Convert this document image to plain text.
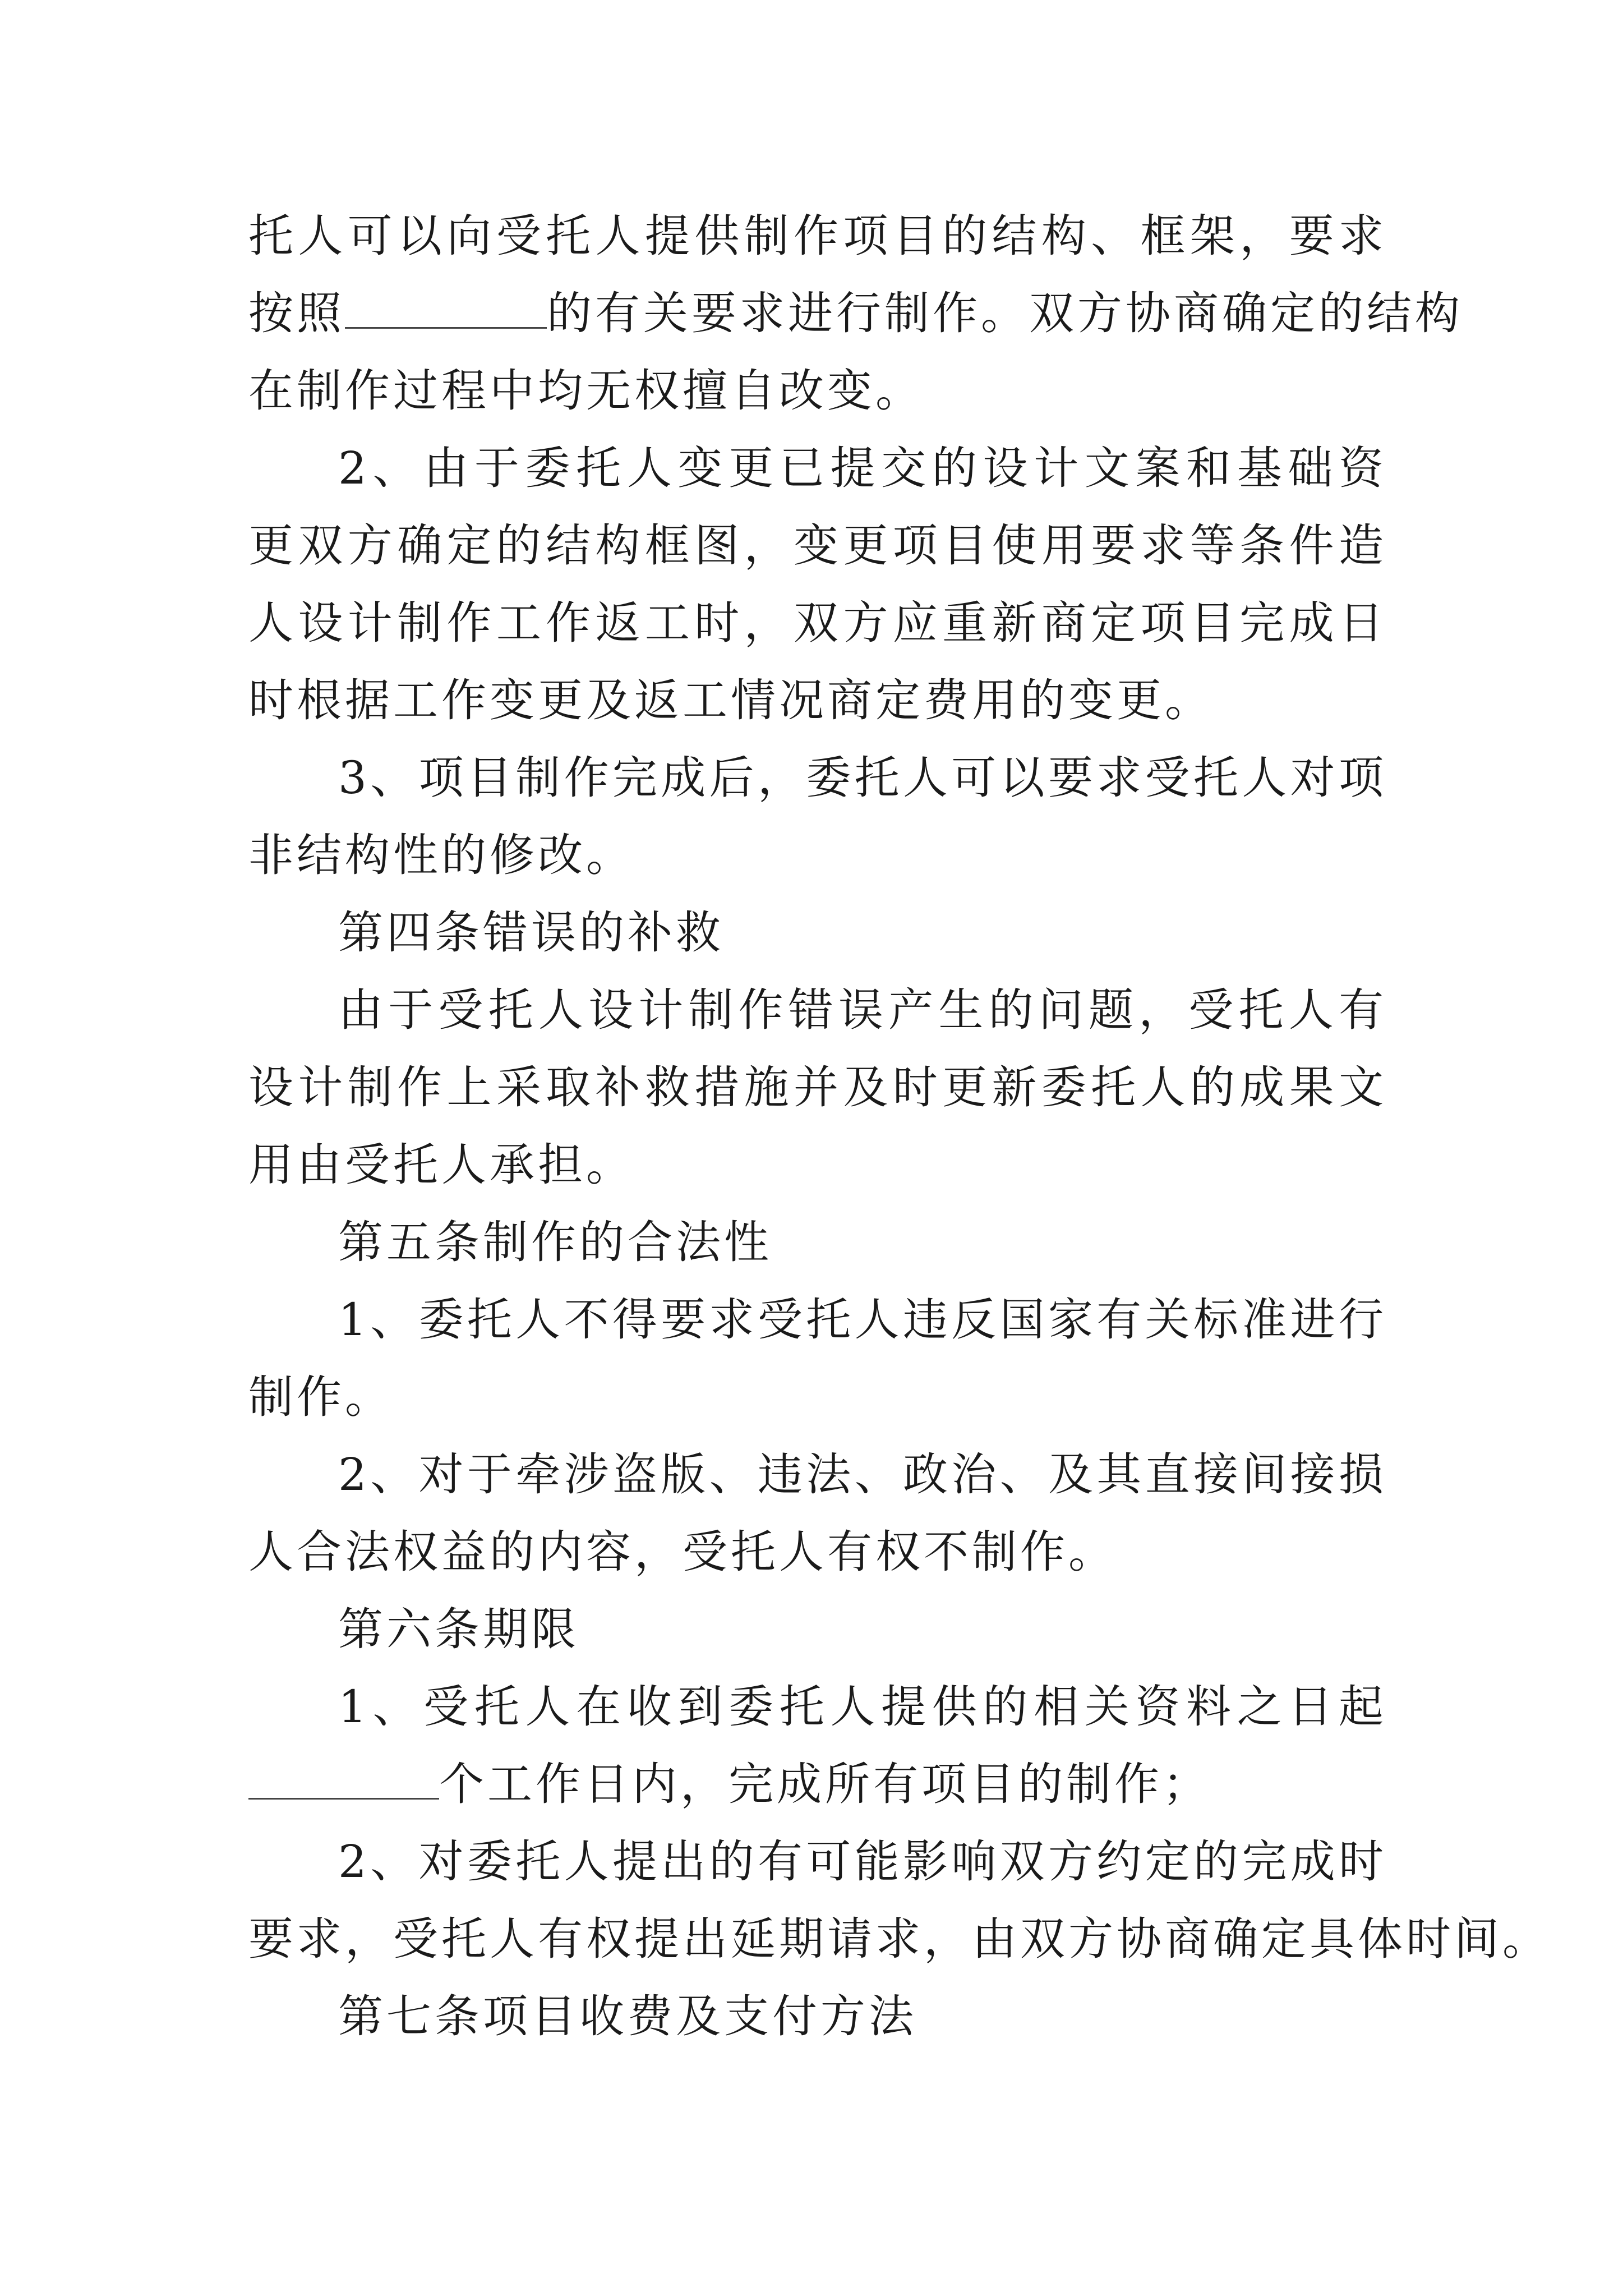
托人可以向受托人提供制作项目的结构、框架，要求
按照	的有关要求进行制作。双方协商确定的结构
在制作过程中均无权擅自改变。
2、由于委托人变更已提交的设计文案和基础资
更双方确定的结构框图，变更项目使用要求等条件造
人设计制作工作返工时，双方应重新商定项目完成日
时根据工作变更及返工情况商定费用的变更。
3、项目制作完成后，委托人可以要求受托人对项
非结构性的修改。
第四条错误的补救
由于受托人设计制作错误产生的问题，受托人有
设计制作上采取补救措施并及时更新委托人的成果文
用由受托人承担。
第五条制作的合法性
1、委托人不得要求受托人违反国家有关标准进行
制作。
2、对于牵涉盗版、违法、政治、及其直接间接损
人合法权益的内容，受托人有权不制作。
第六条期限
1、受托人在收到委托人提供的相关资料之日起
个工作日内，完成所有项目的制作；
2、对委托人提出的有可能影响双方约定的完成时
要求，受托人有权提出延期请求，由双方协商确定具体时间。
第七条项目收费及支付方法
